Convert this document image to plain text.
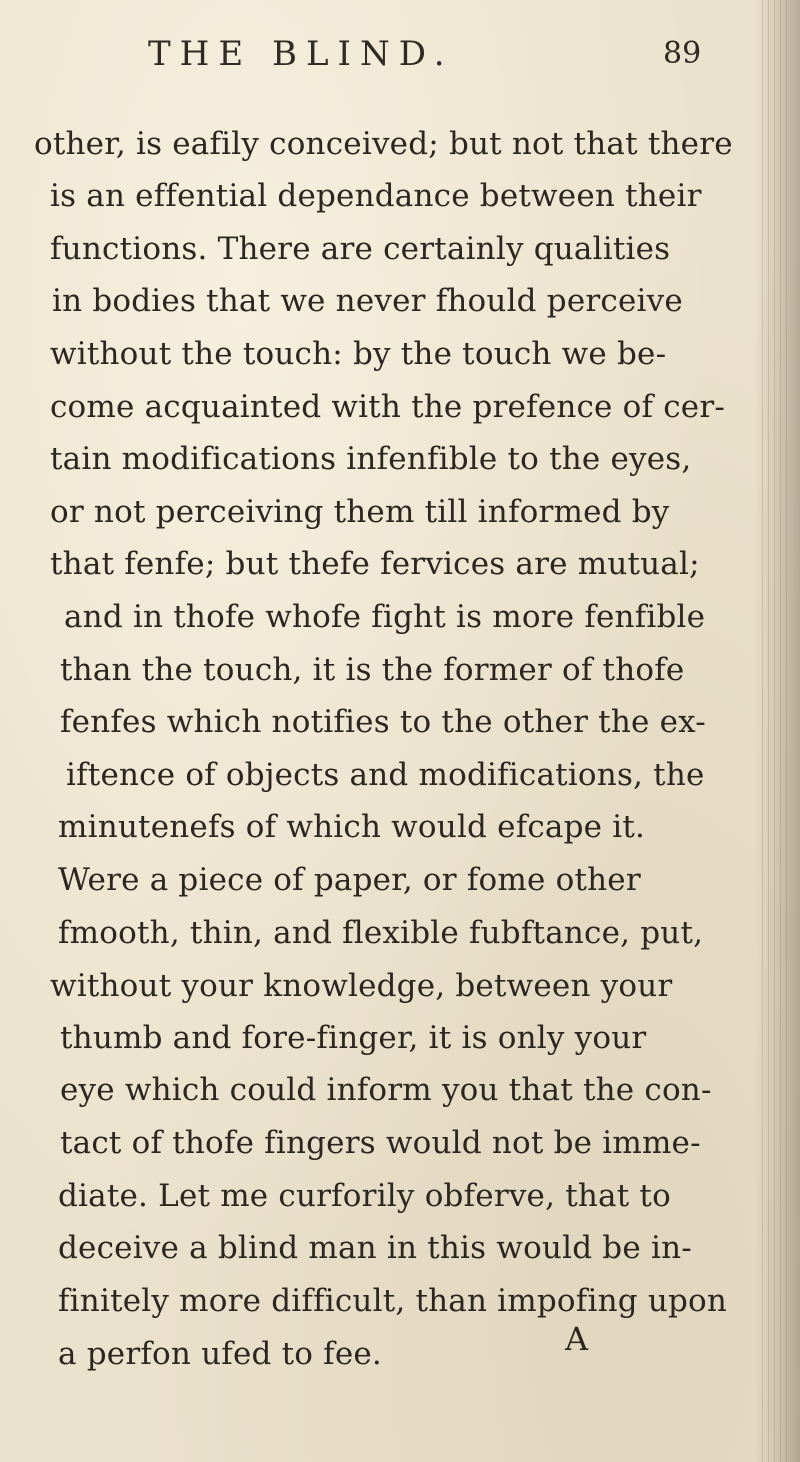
THE BLIND.	89
other, is eafily conceived; but not that there
is an effential dependance between their
functions. There are certainly qualities
in bodies that we never fhould perceive
without the touch: by the touch we be-
come acquainted with the prefence of cer-
tain modifications infenfible to the eyes,
or not perceiving them till informed by
that fenfe; but thefe fervices are mutual;
and in thofe whofe fight is more fenfible
than the touch, it is the former of thofe
fenfes which notifies to the other the ex-
iftence of objects and modifications, the
minutenefs of which would efcape it.
Were a piece of paper, or fome other
fmooth, thin, and flexible fubftance, put,
without your knowledge, between your
thumb and fore-finger, it is only your
eye which could inform you that the con-
tact of thofe fingers would not be imme-
diate. Let me curforily obferve, that to
deceive a blind man in this would be in-
finitely more difficult, than impofing upon
a perfon ufed to fee.	A
